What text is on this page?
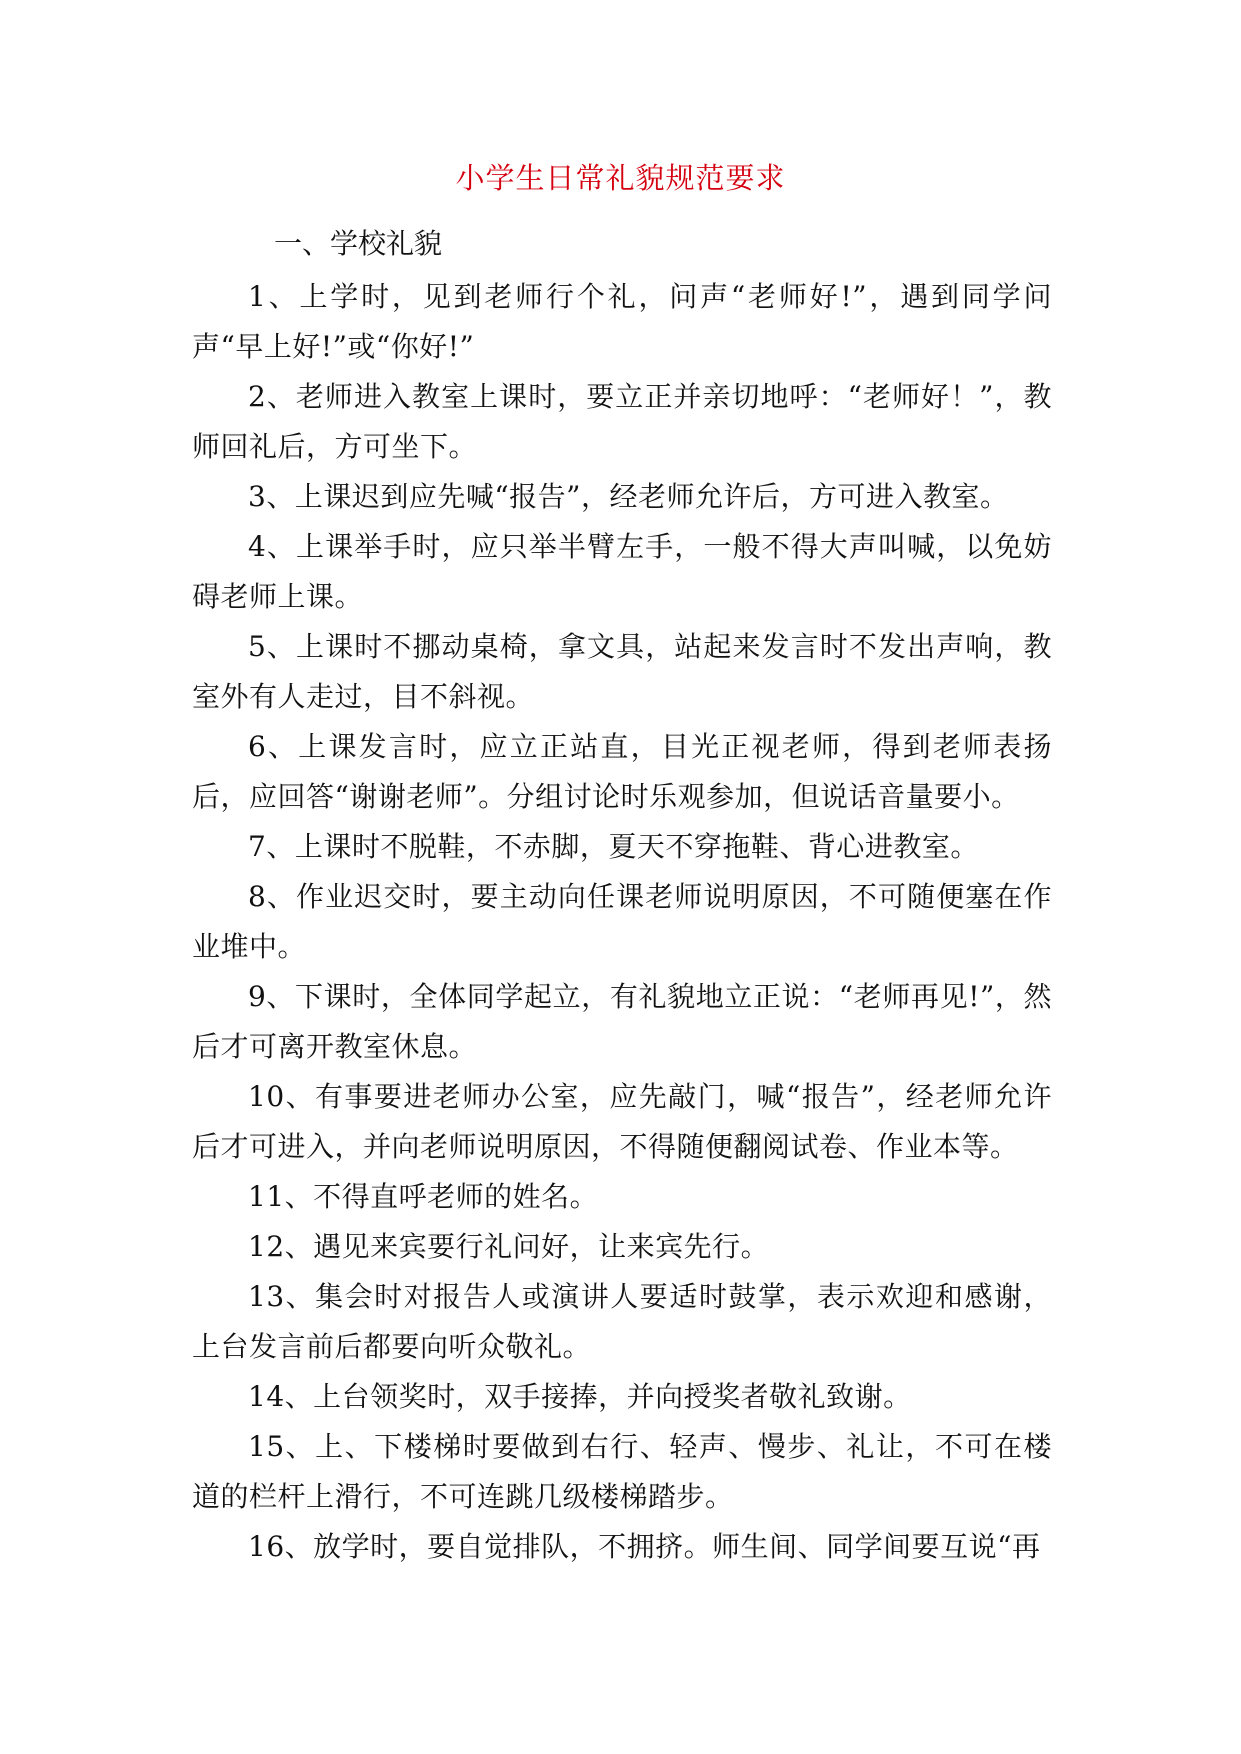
小学生日常礼貌规范要求

一、学校礼貌

1、上学时，见到老师行个礼，问声“老师好!”，遇到同学问声“早上好!”或“你好!”

2、老师进入教室上课时，要立正并亲切地呼：“老师好！”，教师回礼后，方可坐下。

3、上课迟到应先喊“报告”，经老师允许后，方可进入教室。

4、上课举手时，应只举半臂左手，一般不得大声叫喊，以免妨碍老师上课。

5、上课时不挪动桌椅，拿文具，站起来发言时不发出声响，教室外有人走过，目不斜视。

6、上课发言时，应立正站直，目光正视老师，得到老师表扬后，应回答“谢谢老师”。分组讨论时乐观参加，但说话音量要小。

7、上课时不脱鞋，不赤脚，夏天不穿拖鞋、背心进教室。

8、作业迟交时，要主动向任课老师说明原因，不可随便塞在作业堆中。

9、下课时，全体同学起立，有礼貌地立正说：“老师再见!”，然后才可离开教室休息。

10、有事要进老师办公室，应先敲门，喊“报告”，经老师允许后才可进入，并向老师说明原因，不得随便翻阅试卷、作业本等。

11、不得直呼老师的姓名。

12、遇见来宾要行礼问好，让来宾先行。

13、集会时对报告人或演讲人要适时鼓掌，表示欢迎和感谢，上台发言前后都要向听众敬礼。

14、上台领奖时，双手接捧，并向授奖者敬礼致谢。

15、上、下楼梯时要做到右行、轻声、慢步、礼让，不可在楼道的栏杆上滑行，不可连跳几级楼梯踏步。

16、放学时，要自觉排队，不拥挤。师生间、同学间要互说“再
